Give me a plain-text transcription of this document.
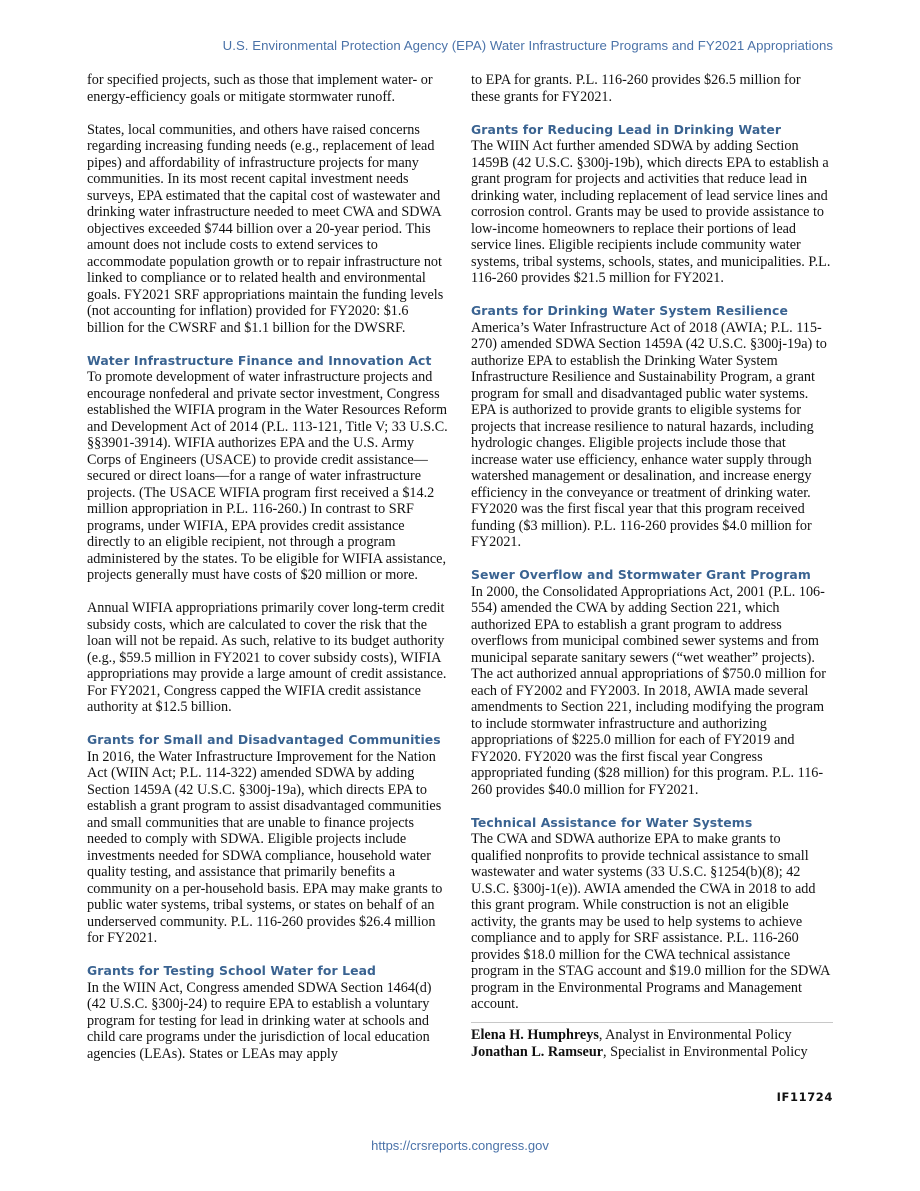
U.S. Environmental Protection Agency (EPA) Water Infrastructure Programs and FY2021 Appropriations

for specified projects, such as those that implement water- or energy-efficiency goals or mitigate stormwater runoff.

States, local communities, and others have raised concerns regarding increasing funding needs (e.g., replacement of lead pipes) and affordability of infrastructure projects for many communities. In its most recent capital investment needs surveys, EPA estimated that the capital cost of wastewater and drinking water infrastructure needed to meet CWA and SDWA objectives exceeded $744 billion over a 20-year period. This amount does not include costs to extend services to accommodate population growth or to repair infrastructure not linked to compliance or to related health and environmental goals. FY2021 SRF appropriations maintain the funding levels (not accounting for inflation) provided for FY2020: $1.6 billion for the CWSRF and $1.1 billion for the DWSRF.

Water Infrastructure Finance and Innovation Act

To promote development of water infrastructure projects and encourage nonfederal and private sector investment, Congress established the WIFIA program in the Water Resources Reform and Development Act of 2014 (P.L. 113-121, Title V; 33 U.S.C. §§3901-3914). WIFIA authorizes EPA and the U.S. Army Corps of Engineers (USACE) to provide credit assistance—secured or direct loans—for a range of water infrastructure projects. (The USACE WIFIA program first received a $14.2 million appropriation in P.L. 116-260.) In contrast to SRF programs, under WIFIA, EPA provides credit assistance directly to an eligible recipient, not through a program administered by the states. To be eligible for WIFIA assistance, projects generally must have costs of $20 million or more.

Annual WIFIA appropriations primarily cover long-term credit subsidy costs, which are calculated to cover the risk that the loan will not be repaid. As such, relative to its budget authority (e.g., $59.5 million in FY2021 to cover subsidy costs), WIFIA appropriations may provide a large amount of credit assistance. For FY2021, Congress capped the WIFIA credit assistance authority at $12.5 billion.

Grants for Small and Disadvantaged Communities

In 2016, the Water Infrastructure Improvement for the Nation Act (WIIN Act; P.L. 114-322) amended SDWA by adding Section 1459A (42 U.S.C. §300j-19a), which directs EPA to establish a grant program to assist disadvantaged communities and small communities that are unable to finance projects needed to comply with SDWA. Eligible projects include investments needed for SDWA compliance, household water quality testing, and assistance that primarily benefits a community on a per-household basis. EPA may make grants to public water systems, tribal systems, or states on behalf of an underserved community. P.L. 116-260 provides $26.4 million for FY2021.

Grants for Testing School Water for Lead

In the WIIN Act, Congress amended SDWA Section 1464(d) (42 U.S.C. §300j-24) to require EPA to establish a voluntary program for testing for lead in drinking water at schools and child care programs under the jurisdiction of local education agencies (LEAs). States or LEAs may apply

to EPA for grants. P.L. 116-260 provides $26.5 million for these grants for FY2021.

Grants for Reducing Lead in Drinking Water

The WIIN Act further amended SDWA by adding Section 1459B (42 U.S.C. §300j-19b), which directs EPA to establish a grant program for projects and activities that reduce lead in drinking water, including replacement of lead service lines and corrosion control. Grants may be used to provide assistance to low-income homeowners to replace their portions of lead service lines. Eligible recipients include community water systems, tribal systems, schools, states, and municipalities. P.L. 116-260 provides $21.5 million for FY2021.

Grants for Drinking Water System Resilience

America’s Water Infrastructure Act of 2018 (AWIA; P.L. 115-270) amended SDWA Section 1459A (42 U.S.C. §300j-19a) to authorize EPA to establish the Drinking Water System Infrastructure Resilience and Sustainability Program, a grant program for small and disadvantaged public water systems. EPA is authorized to provide grants to eligible systems for projects that increase resilience to natural hazards, including hydrologic changes. Eligible projects include those that increase water use efficiency, enhance water supply through watershed management or desalination, and increase energy efficiency in the conveyance or treatment of drinking water. FY2020 was the first fiscal year that this program received funding ($3 million). P.L. 116-260 provides $4.0 million for FY2021.

Sewer Overflow and Stormwater Grant Program

In 2000, the Consolidated Appropriations Act, 2001 (P.L. 106-554) amended the CWA by adding Section 221, which authorized EPA to establish a grant program to address overflows from municipal combined sewer systems and from municipal separate sanitary sewers (“wet weather” projects). The act authorized annual appropriations of $750.0 million for each of FY2002 and FY2003. In 2018, AWIA made several amendments to Section 221, including modifying the program to include stormwater infrastructure and authorizing appropriations of $225.0 million for each of FY2019 and FY2020. FY2020 was the first fiscal year Congress appropriated funding ($28 million) for this program. P.L. 116-260 provides $40.0 million for FY2021.

Technical Assistance for Water Systems

The CWA and SDWA authorize EPA to make grants to qualified nonprofits to provide technical assistance to small wastewater and water systems (33 U.S.C. §1254(b)(8); 42 U.S.C. §300j-1(e)). AWIA amended the CWA in 2018 to add this grant program. While construction is not an eligible activity, the grants may be used to help systems to achieve compliance and to apply for SRF assistance. P.L. 116-260 provides $18.0 million for the CWA technical assistance program in the STAG account and $19.0 million for the SDWA program in the Environmental Programs and Management account.

Elena H. Humphreys, Analyst in Environmental Policy
Jonathan L. Ramseur, Specialist in Environmental Policy
IF11724
https://crsreports.congress.gov
